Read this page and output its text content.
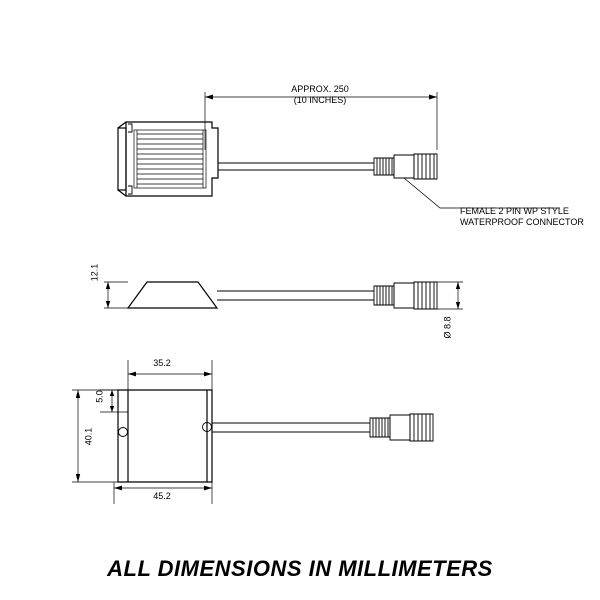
APPROX. 250
(10 INCHES)
FEMALE 2 PIN WP STYLE
WATERPROOF CONNECTOR
12.1
Ø 8.8
35.2
5.0
40.1
45.2
ALL DIMENSIONS IN MILLIMETERS
